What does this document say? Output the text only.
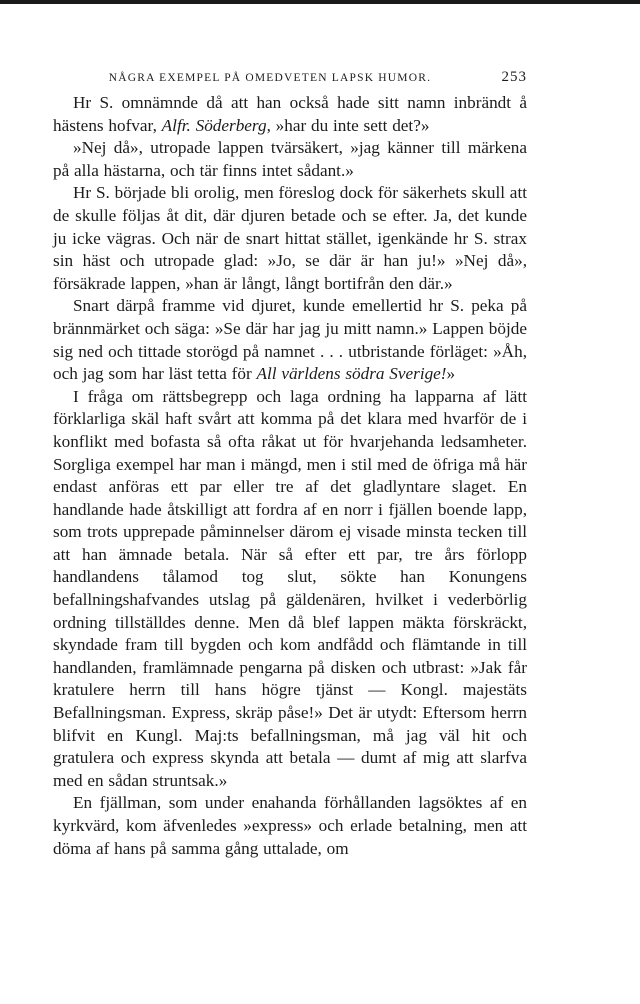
NÅGRA EXEMPEL PÅ OMEDVETEN LAPSK HUMOR.	253

Hr S. omnämnde då att han också hade sitt namn inbrändt å hästens hofvar, Alfr. Söderberg, »har du inte sett det?»

»Nej då», utropade lappen tvärsäkert, »jag känner till märkena på alla hästarna, och tär finns intet sådant.»

Hr S. började bli orolig, men föreslog dock för säkerhets skull att de skulle följas åt dit, där djuren betade och se efter. Ja, det kunde ju icke vägras. Och när de snart hittat stället, igenkände hr S. strax sin häst och utropade glad: »Jo, se där är han ju!» »Nej då», försäkrade lappen, »han är långt, långt bortifrån den där.»

Snart därpå framme vid djuret, kunde emellertid hr S. peka på brännmärket och säga: »Se där har jag ju mitt namn.» Lappen böjde sig ned och tittade storögd på namnet . . . utbristande förläget: »Åh, och jag som har läst tetta för All världens södra Sverige!»

I fråga om rättsbegrepp och laga ordning ha lapparna af lätt förklarliga skäl haft svårt att komma på det klara med hvarför de i konflikt med bofasta så ofta råkat ut för hvarjehanda ledsamheter. Sorgliga exempel har man i mängd, men i stil med de öfriga må här endast anföras ett par eller tre af det gladlyntare slaget. En handlande hade åtskilligt att fordra af en norr i fjällen boende lapp, som trots upprepade påminnelser därom ej visade minsta tecken till att han ämnade betala. När så efter ett par, tre års förlopp handlandens tålamod tog slut, sökte han Konungens befallningshafvandes utslag på gäldenären, hvilket i vederbörlig ordning tillställdes denne. Men då blef lappen mäkta förskräckt, skyndade fram till bygden och kom andfådd och flämtande in till handlanden, framlämnade pengarna på disken och utbrast: »Jak får kratulere herrn till hans högre tjänst — Kongl. majestäts Befallningsman. Express, skräp påse!» Det är utydt: Eftersom herrn blifvit en Kungl. Maj:ts befallningsman, må jag väl hit och gratulera och express skynda att betala — dumt af mig att slarfva med en sådan struntsak.»

En fjällman, som under enahanda förhållanden lagsöktes af en kyrkvärd, kom äfvenledes »express» och erlade betalning, men att döma af hans på samma gång uttalade, om
